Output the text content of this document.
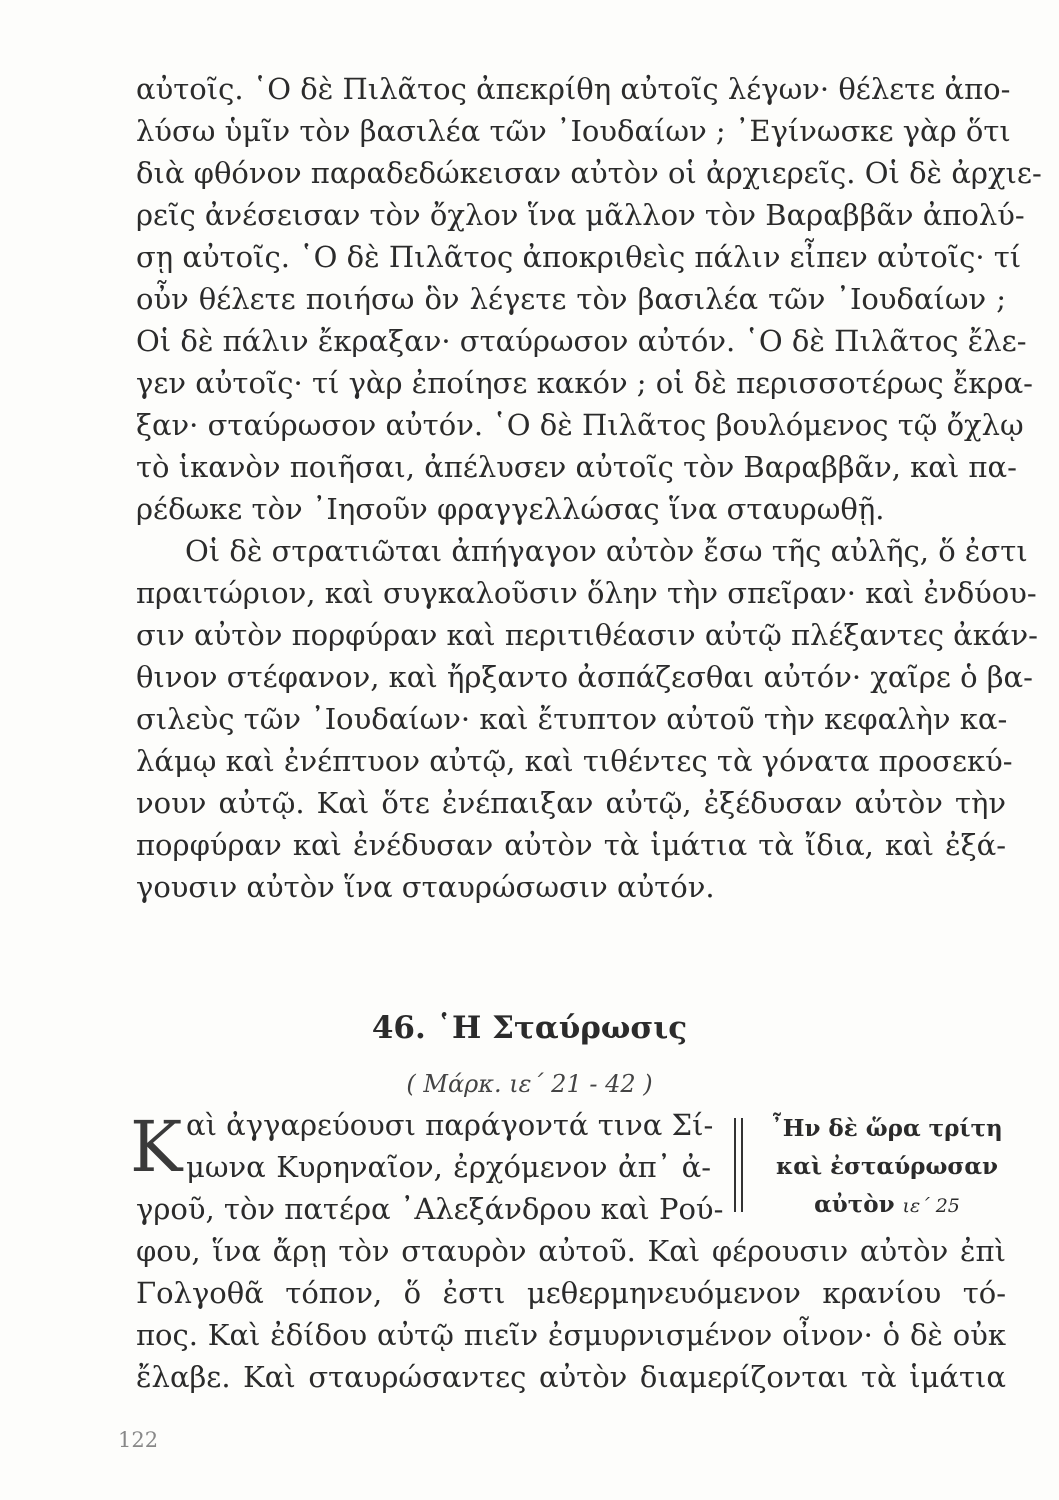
αὐτοῖς. ῾Ο δὲ Πιλᾶτος ἀπεκρίθη αὐτοῖς λέγων· θέλετε ἀπο-
λύσω ὑμῖν τὸν βασιλέα τῶν ᾿Ιουδαίων ; ᾿Εγίνωσκε γὰρ ὅτι
διὰ φθόνον παραδεδώκεισαν αὐτὸν οἱ ἀρχιερεῖς. Οἱ δὲ ἀρχιε-
ρεῖς ἀνέσεισαν τὸν ὄχλον ἵνα μᾶλλον τὸν Βαραββᾶν ἀπολύ-
σῃ αὐτοῖς. ῾Ο δὲ Πιλᾶτος ἀποκριθεὶς πάλιν εἶπεν αὐτοῖς· τί
οὖν θέλετε ποιήσω ὃν λέγετε τὸν βασιλέα τῶν ᾿Ιουδαίων ;
Οἱ δὲ πάλιν ἔκραξαν· σταύρωσον αὐτόν. ῾Ο δὲ Πιλᾶτος ἔλε-
γεν αὐτοῖς· τί γὰρ ἐποίησε κακόν ; οἱ δὲ περισσοτέρως ἔκρα-
ξαν· σταύρωσον αὐτόν. ῾Ο δὲ Πιλᾶτος βουλόμενος τῷ ὄχλῳ
τὸ ἱκανὸν ποιῆσαι, ἀπέλυσεν αὐτοῖς τὸν Βαραββᾶν, καὶ πα-
ρέδωκε τὸν ᾿Ιησοῦν φραγγελλώσας ἵνα σταυρωθῇ.
Οἱ δὲ στρατιῶται ἀπήγαγον αὐτὸν ἔσω τῆς αὐλῆς, ὅ ἐστι
πραιτώριον, καὶ συγκαλοῦσιν ὅλην τὴν σπεῖραν· καὶ ἐνδύου-
σιν αὐτὸν πορφύραν καὶ περιτιθέασιν αὐτῷ πλέξαντες ἀκάν-
θινον στέφανον, καὶ ἤρξαντο ἀσπάζεσθαι αὐτόν· χαῖρε ὁ βα-
σιλεὺς τῶν ᾿Ιουδαίων· καὶ ἔτυπτον αὐτοῦ τὴν κεφαλὴν κα-
λάμῳ καὶ ἐνέπτυον αὐτῷ, καὶ τιθέντες τὰ γόνατα προσεκύ-
νουν αὐτῷ. Καὶ ὅτε ἐνέπαιξαν αὐτῷ, ἐξέδυσαν αὐτὸν τὴν
πορφύραν καὶ ἐνέδυσαν αὐτὸν τὰ ἱμάτια τὰ ἴδια, καὶ ἐξά-
γουσιν αὐτὸν ἵνα σταυρώσωσιν αὐτόν.
46. ῾Η Σταύρωσις
( Μάρκ. ιε΄ 21 - 42 )
Κ αὶ ἀγγαρεύουσι παράγοντά τινα Σί-
μωνα Κυρηναῖον, ἐρχόμενον ἀπ᾿ ἀ-
γροῦ, τὸν πατέρα ᾿Αλεξάνδρου καὶ Ρού-
φου, ἵνα ἄρῃ τὸν σταυρὸν αὐτοῦ. Καὶ φέρουσιν αὐτὸν ἐπὶ
Γολγοθᾶ τόπον, ὅ ἐστι μεθερμηνευόμενον κρανίου τό-
πος. Καὶ ἐδίδου αὐτῷ πιεῖν ἐσμυρνισμένον οἶνον· ὁ δὲ οὐκ
ἔλαβε. Καὶ σταυρώσαντες αὐτὸν διαμερίζονται τὰ ἱμάτια
῏Ην δὲ ὥρα τρίτη
καὶ ἐσταύρωσαν
αὐτὸν ιε΄ 25
122
